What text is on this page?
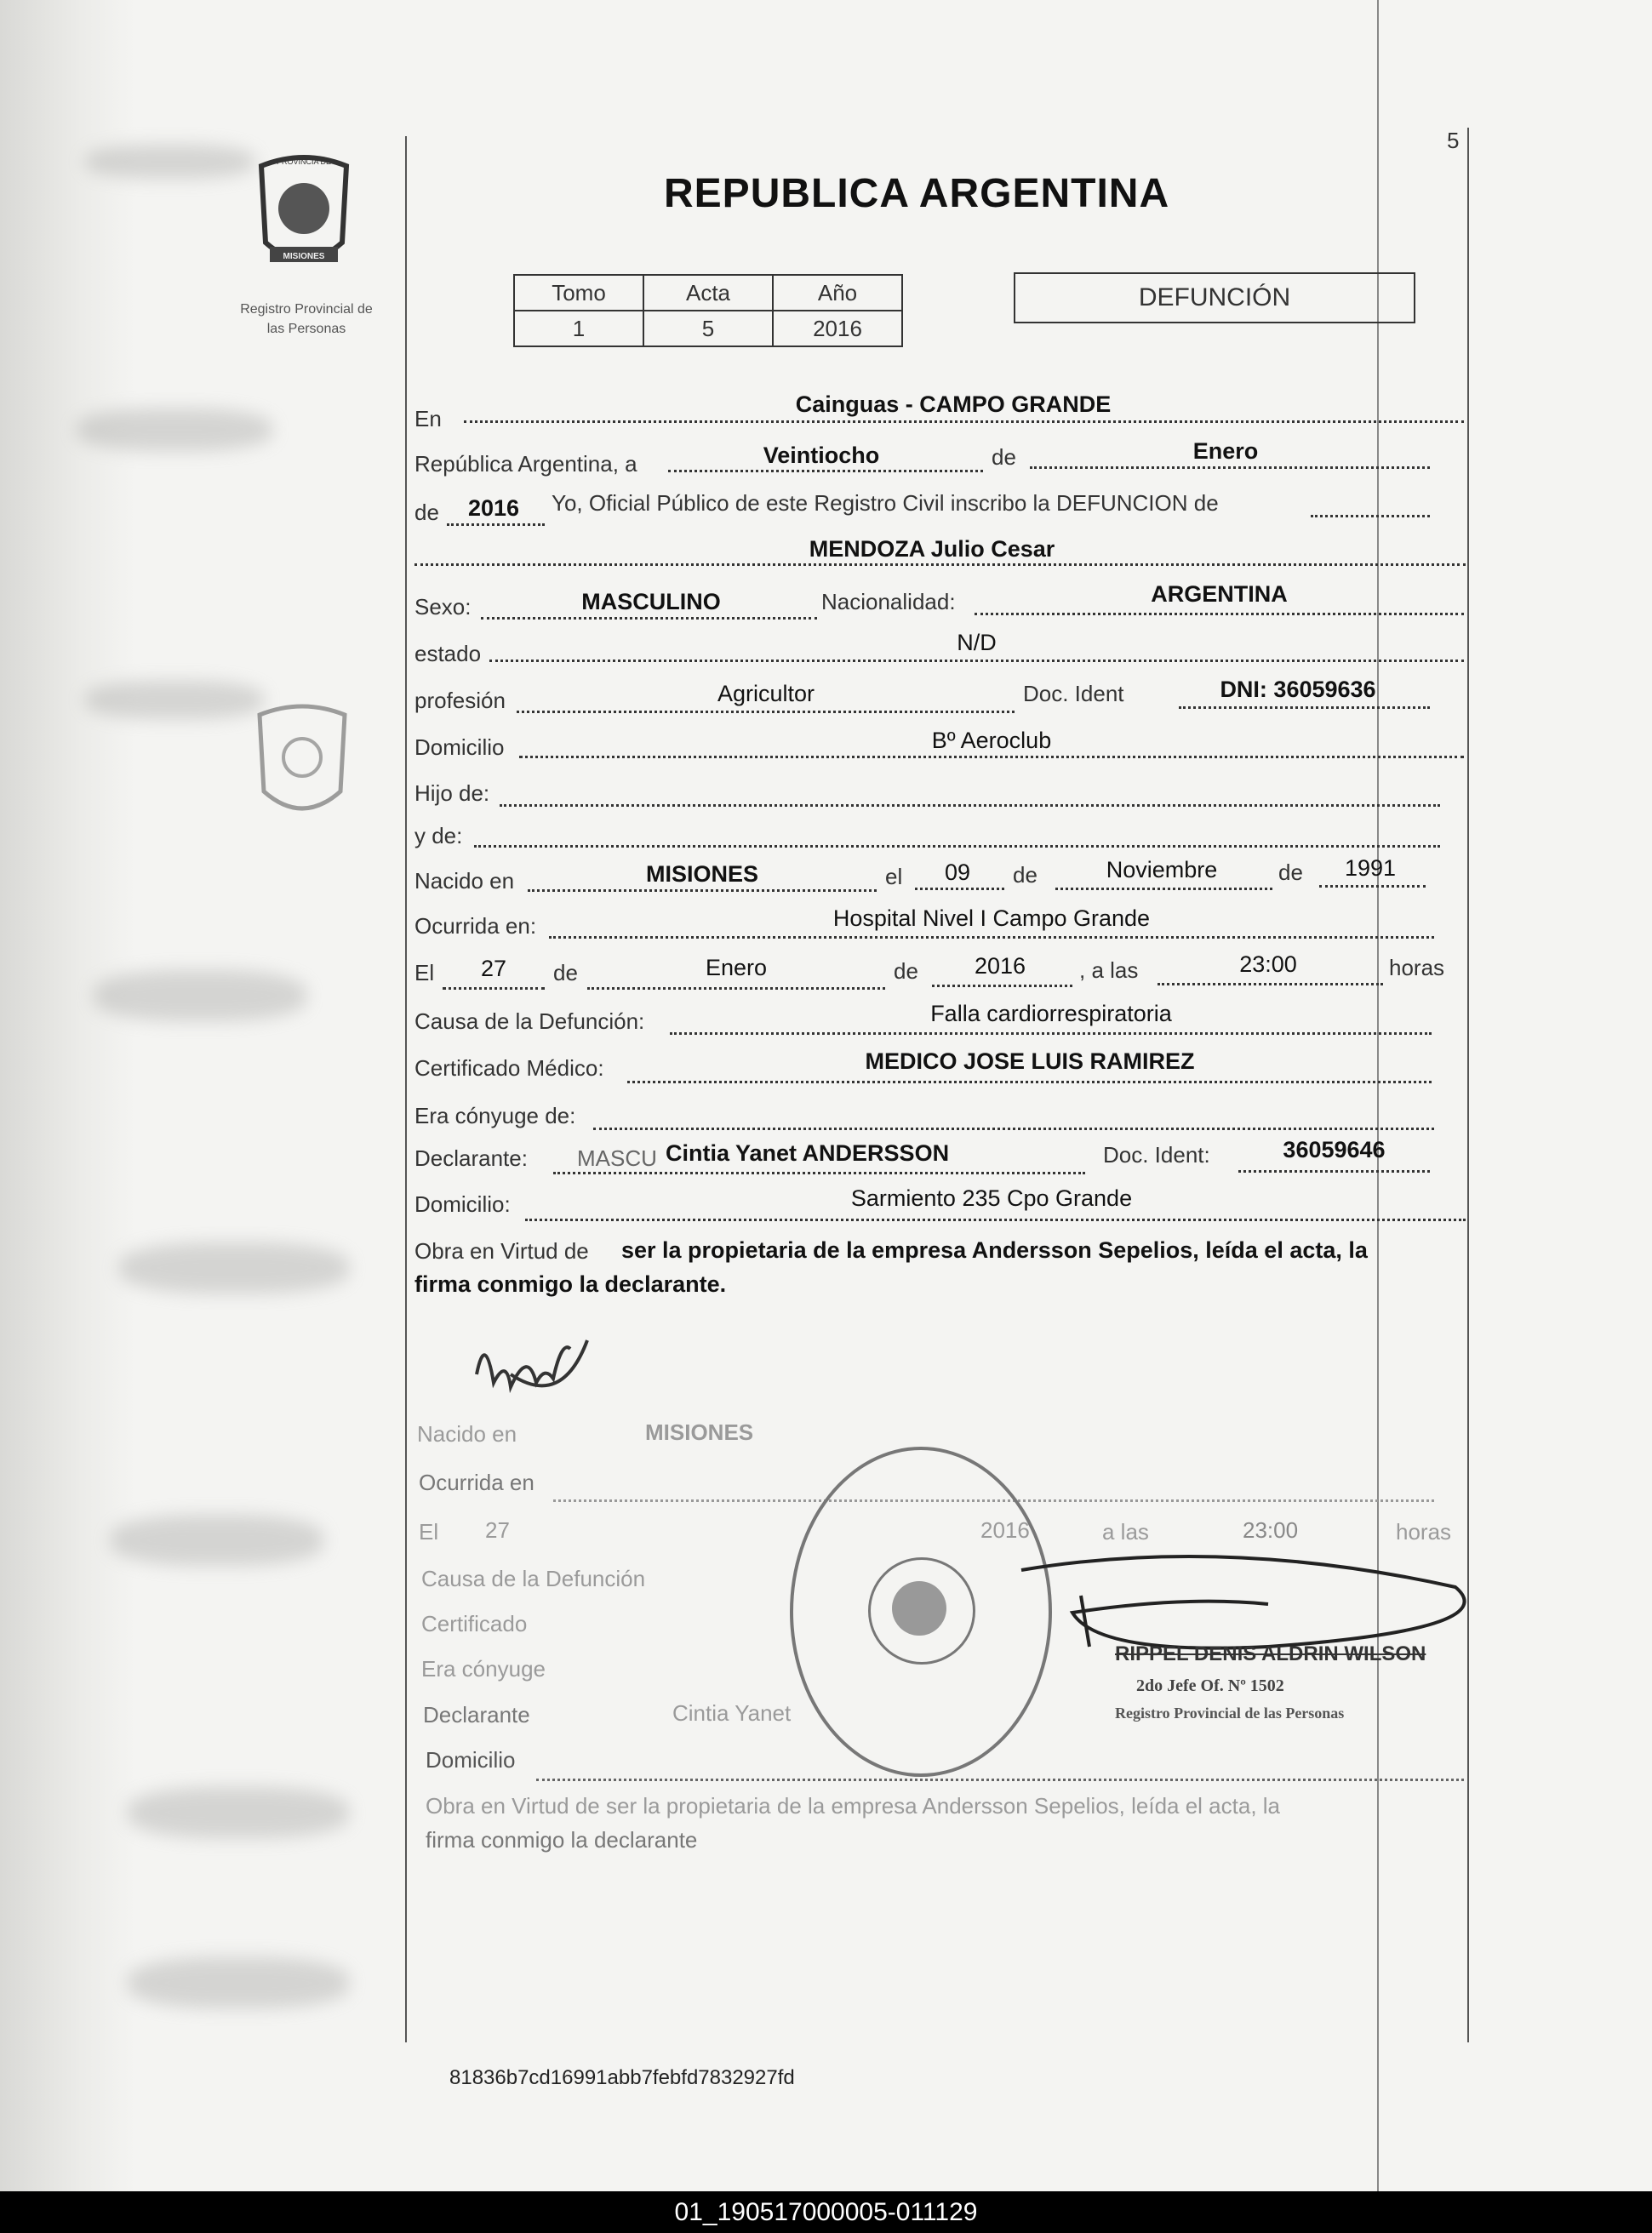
PROVINCIA DE
MISIONES
Registro Provincial de
las Personas
5
REPUBLICA ARGENTINA
Tomo	Acta	Año
1	5	2016
DEFUNCIÓN
En
Cainguas - CAMPO GRANDE
República Argentina, a	Veintiocho	de	Enero
de	2016	Yo, Oficial Público de este Registro Civil inscribo la DEFUNCION de
MENDOZA Julio Cesar
Sexo:	MASCULINO	Nacionalidad:	ARGENTINA
estado	N/D
profesión	Agricultor	Doc. Ident	DNI: 36059636
Domicilio	Bº Aeroclub
Hijo de:
y de:
Nacido en	MISIONES	el	09	de	Noviembre	de	1991
Ocurrida en:	Hospital Nivel I Campo Grande
El	27	de	Enero	de	2016	, a las	23:00	horas
Causa de la Defunción:	Falla cardiorrespiratoria
Certificado Médico:	MEDICO JOSE LUIS RAMIREZ
Era cónyuge de:
Declarante: MASCU Cintia Yanet ANDERSSON	Doc. Ident:	36059646
Domicilio:	Sarmiento 235 Cpo Grande
Obra en Virtud de ser la propietaria de la empresa Andersson Sepelios, leída el acta, la
firma conmigo la declarante.
Nacido en	MISIONES
Ocurrida en
El 27	2016	a las	23:00	horas
Causa de la Defunción
Certificado
Era cónyuge
Declarante	Cintia Yanet
Domicilio
Obra en Virtud de ser la propietaria de la empresa Andersson Sepelios, leída el acta, la
firma conmigo la declarante
RIPPEL DENIS ALDRIN WILSON
2do Jefe Of. Nº 1502
Registro Provincial de las Personas
81836b7cd16991abb7febfd7832927fd
01_190517000005-011129
